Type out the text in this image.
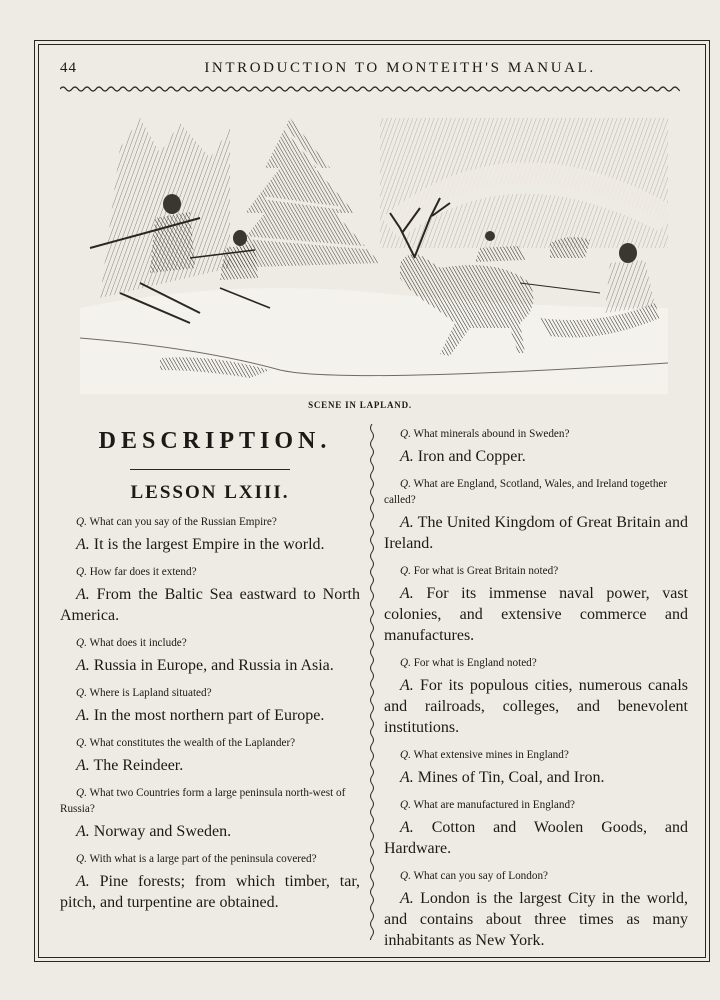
44	INTRODUCTION TO MONTEITH'S MANUAL.
SCENE IN LAPLAND.
DESCRIPTION.
LESSON LXIII.

Q. What can you say of the Russian Empire?

A. It is the largest Empire in the world.

Q. How far does it extend?

A. From the Baltic Sea eastward to North America.

Q. What does it include?

A. Russia in Europe, and Russia in Asia.

Q. Where is Lapland situated?

A. In the most northern part of Europe.

Q. What constitutes the wealth of the Laplander?

A. The Reindeer.

Q. What two Countries form a large peninsula north-west of Russia?

A. Norway and Sweden.

Q. With what is a large part of the peninsula covered?

A. Pine forests; from which timber, tar, pitch, and turpentine are obtained.

Q. What minerals abound in Sweden?

A. Iron and Copper.

Q. What are England, Scotland, Wales, and Ireland together called?

A. The United Kingdom of Great Britain and Ireland.

Q. For what is Great Britain noted?

A. For its immense naval power, vast colonies, and extensive commerce and manufactures.

Q. For what is England noted?

A. For its populous cities, numerous canals and railroads, colleges, and benevolent institutions.

Q. What extensive mines in England?

A. Mines of Tin, Coal, and Iron.

Q. What are manufactured in England?

A. Cotton and Woolen Goods, and Hardware.

Q. What can you say of London?

A. London is the largest City in the world, and contains about three times as many inhabitants as New York.
